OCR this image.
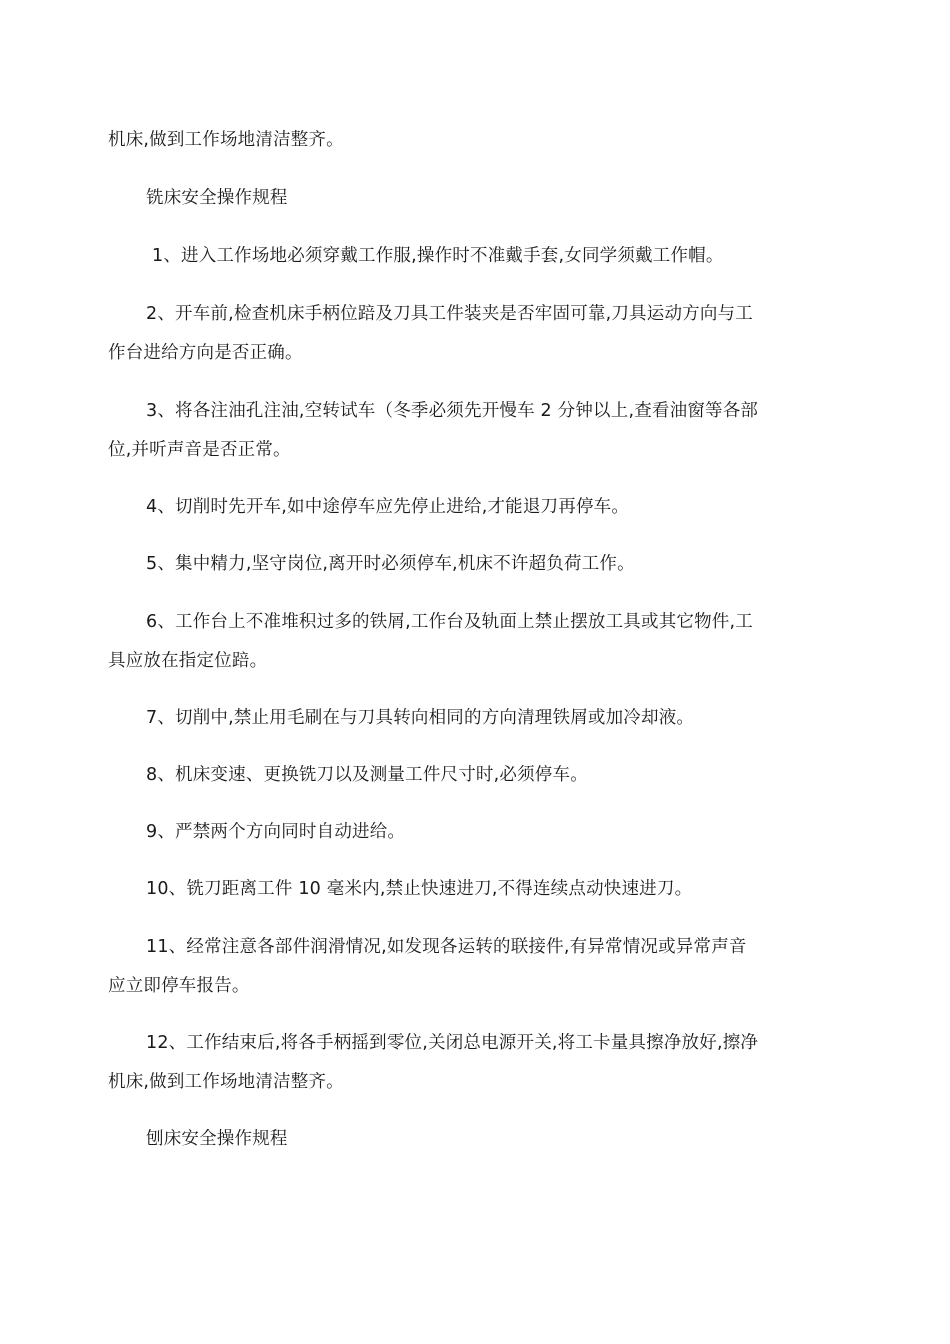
机床,做到工作场地清洁整齐。
铣床安全操作规程
1、进入工作场地必须穿戴工作服,操作时不准戴手套,女同学须戴工作帽。
2、开车前,检查机床手柄位踣及刀具工件装夹是否牢固可靠,刀具运动方向与工
作台进给方向是否正确。
3、将各注油孔注油,空转试车（冬季必须先开慢车 2 分钟以上,查看油窗等各部
位,并听声音是否正常。
4、切削时先开车,如中途停车应先停止进给,才能退刀再停车。
5、集中精力,坚守岗位,离开时必须停车,机床不许超负荷工作。
6、工作台上不准堆积过多的铁屑,工作台及轨面上禁止摆放工具或其它物件,工
具应放在指定位踣。
7、切削中,禁止用毛刷在与刀具转向相同的方向清理铁屑或加冷却液。
8、机床变速、更换铣刀以及测量工件尺寸时,必须停车。
9、严禁两个方向同时自动进给。
10、铣刀距离工件 10 毫米内,禁止快速进刀,不得连续点动快速进刀。
11、经常注意各部件润滑情况,如发现各运转的联接件,有异常情况或异常声音
应立即停车报告。
12、工作结束后,将各手柄摇到零位,关闭总电源开关,将工卡量具擦净放好,擦净
机床,做到工作场地清洁整齐。
刨床安全操作规程
